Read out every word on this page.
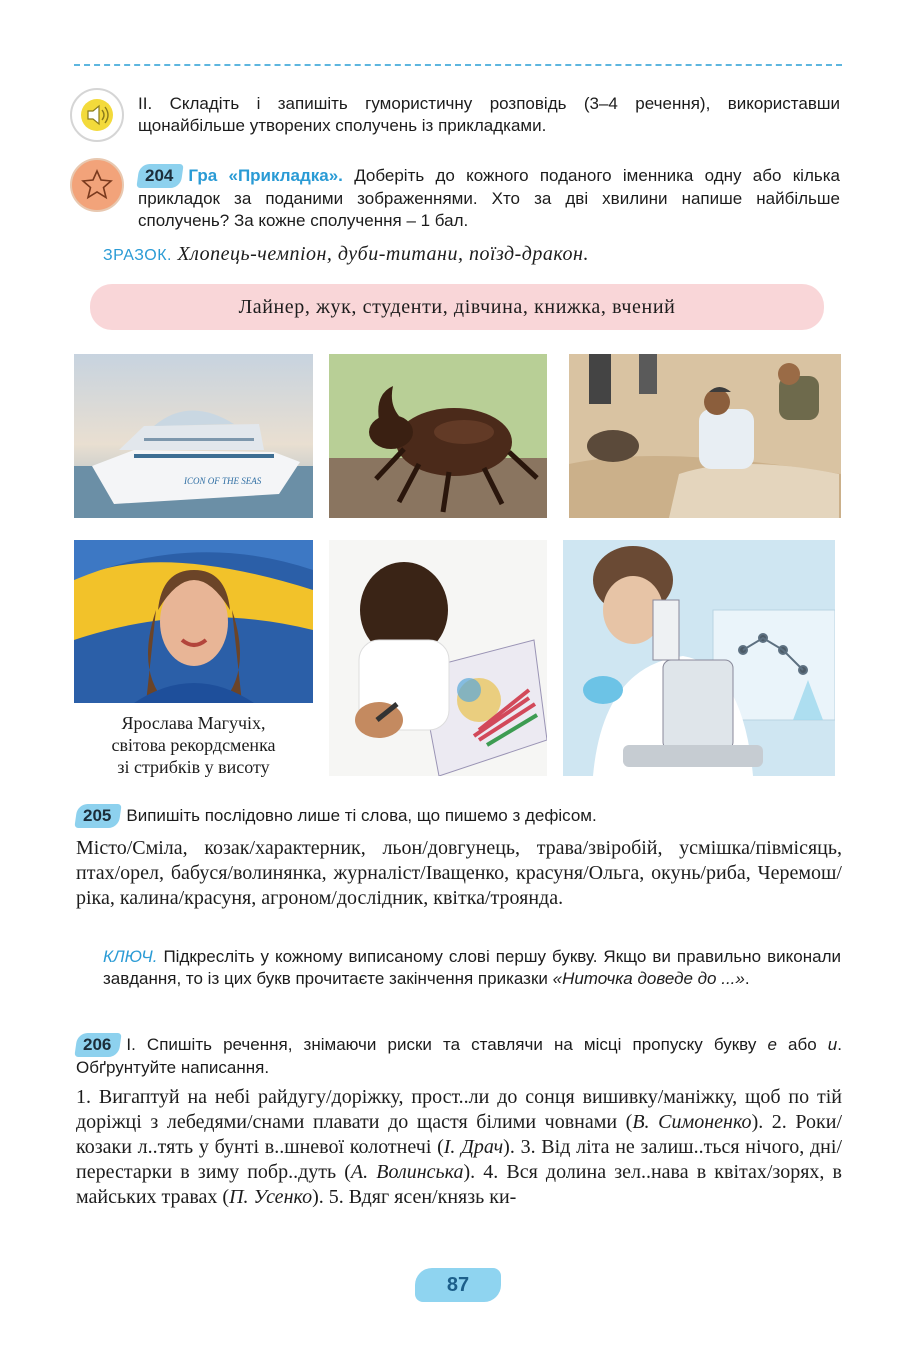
ІІ. Складіть і запишіть гумористичну розповідь (3–4 речення), використавши щонайбільше утворених сполучень із прикладками.
204 Гра «Прикладка». Доберіть до кожного поданого іменника одну або кілька прикладок за поданими зображеннями. Хто за дві хвилини напише найбільше сполучень? За кожне сполучення – 1 бал.
ЗРАЗОК. Хлопець-чемпіон, дуби-титани, поїзд-дракон.
Лайнер, жук, студенти, дівчина, книжка, вчений
ICON OF THE SEAS
Ярослава Магучіх,
світова рекордсменка
зі стрибків у висоту
205 Випишіть послідовно лише ті слова, що пишемо з дефісом.
Місто/Сміла, козак/характерник, льон/довгунець, трава/звіробій, усмішка/півмісяць, птах/орел, бабуся/волинянка, журналіст/Іващенко, красуня/Ольга, окунь/риба, Черемош/ріка, калина/красуня, агроном/дослідник, квітка/троянда.
КЛЮЧ. Підкресліть у кожному виписаному слові першу букву. Якщо ви правильно виконали завдання, то із цих букв прочитаєте закінчення приказки «Ниточка доведе до ...».
206 І. Спишіть речення, знімаючи риски та ставлячи на місці пропуску букву е або и. Обґрунтуйте написання.
1. Вигаптуй на небі райдугу/доріжку, прост..ли до сонця вишивку/маніжку, щоб по тій доріжці з лебедями/снами плавати до щастя білими човнами (В. Симоненко). 2. Роки/козаки л..тять у бунті в..шневої колотнечі (І. Драч). 3. Від літа не залиш..ться нічого, дні/перестарки в зиму побр..дуть (А. Волинська). 4. Вся долина зел..нава в квітах/зорях, в майських травах (П. Усенко). 5. Вдяг ясен/князь ки-
87
